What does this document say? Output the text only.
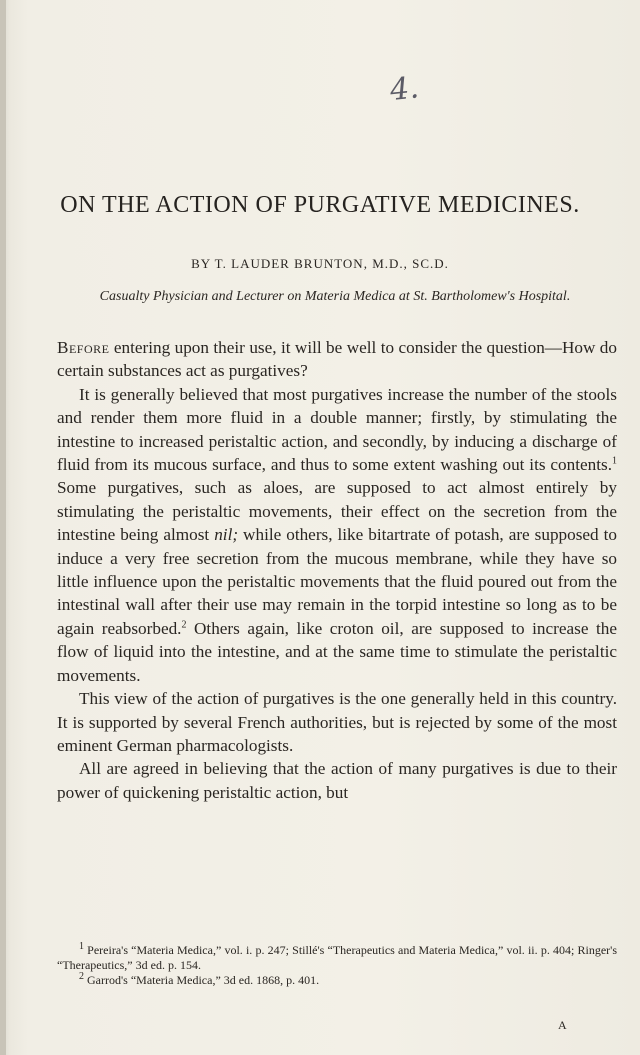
4.
ON THE ACTION OF PURGATIVE MEDICINES.
BY T. LAUDER BRUNTON, M.D., SC.D.
Casualty Physician and Lecturer on Materia Medica at St. Bartholomew's Hospital.

Before entering upon their use, it will be well to consider the question—How do certain substances act as purgatives?

It is generally believed that most purgatives increase the number of the stools and render them more fluid in a double manner; firstly, by stimulating the intestine to increased peristaltic action, and secondly, by inducing a discharge of fluid from its mucous surface, and thus to some extent washing out its contents.$^1$ Some purgatives, such as aloes, are supposed to act almost entirely by stimulating the peristaltic movements, their effect on the secretion from the intestine being almost nil; while others, like bitartrate of potash, are supposed to induce a very free secretion from the mucous membrane, while they have so little influence upon the peristaltic movements that the fluid poured out from the intestinal wall after their use may remain in the torpid intestine so long as to be again reabsorbed.$^2$ Others again, like croton oil, are supposed to increase the flow of liquid into the intestine, and at the same time to stimulate the peristaltic movements.

This view of the action of purgatives is the one generally held in this country. It is supported by several French authorities, but is rejected by some of the most eminent German pharmacologists.

All are agreed in believing that the action of many purgatives is due to their power of quickening peristaltic action, but

$^1$ Pereira's “Materia Medica,” vol. i. p. 247; Stillé's “Therapeutics and Materia Medica,” vol. ii. p. 404; Ringer's “Therapeutics,” 3d ed. p. 154.

$^2$ Garrod's “Materia Medica,” 3d ed. 1868, p. 401.

A
